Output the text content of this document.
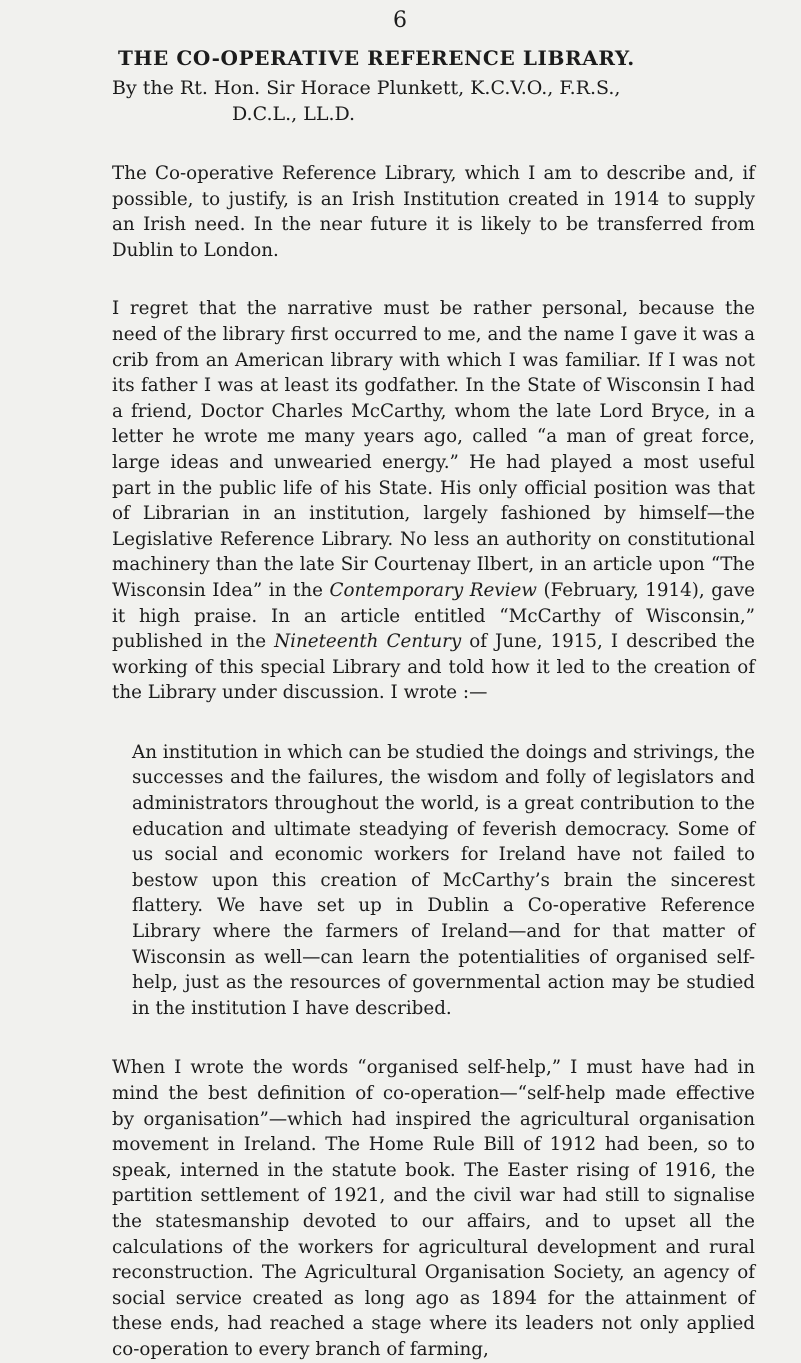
6
THE CO-OPERATIVE REFERENCE LIBRARY.
By the Rt. Hon. Sir Horace Plunkett, K.C.V.O., F.R.S.,
D.C.L., LL.D.

The Co-operative Reference Library, which I am to describe and, if possible, to justify, is an Irish Institution created in 1914 to supply an Irish need. In the near future it is likely to be transferred from Dublin to London.

I regret that the narrative must be rather personal, because the need of the library first occurred to me, and the name I gave it was a crib from an American library with which I was familiar. If I was not its father I was at least its godfather. In the State of Wisconsin I had a friend, Doctor Charles McCarthy, whom the late Lord Bryce, in a letter he wrote me many years ago, called “a man of great force, large ideas and unwearied energy.” He had played a most useful part in the public life of his State. His only official position was that of Librarian in an institution, largely fashioned by himself—the Legislative Reference Library. No less an authority on constitutional machinery than the late Sir Courtenay Ilbert, in an article upon “The Wisconsin Idea” in the Contemporary Review (February, 1914), gave it high praise. In an article entitled “McCarthy of Wisconsin,” published in the Nineteenth Century of June, 1915, I described the working of this special Library and told how it led to the creation of the Library under discussion. I wrote :—

An institution in which can be studied the doings and strivings, the successes and the failures, the wisdom and folly of legislators and administrators throughout the world, is a great contribution to the education and ultimate steadying of feverish democracy. Some of us social and economic workers for Ireland have not failed to bestow upon this creation of McCarthy’s brain the sincerest flattery. We have set up in Dublin a Co-operative Reference Library where the farmers of Ireland—and for that matter of Wisconsin as well—can learn the potentialities of organised self-help, just as the resources of governmental action may be studied in the institution I have described.

When I wrote the words “organised self-help,” I must have had in mind the best definition of co-operation—“self-help made effective by organisation”—which had inspired the agricultural organisation movement in Ireland. The Home Rule Bill of 1912 had been, so to speak, interned in the statute book. The Easter rising of 1916, the partition settlement of 1921, and the civil war had still to signalise the statesmanship devoted to our affairs, and to upset all the calculations of the workers for agricultural development and rural reconstruction. The Agricultural Organisation Society, an agency of social service created as long ago as 1894 for the attainment of these ends, had reached a stage where its leaders not only applied co-operation to every branch of farming,
